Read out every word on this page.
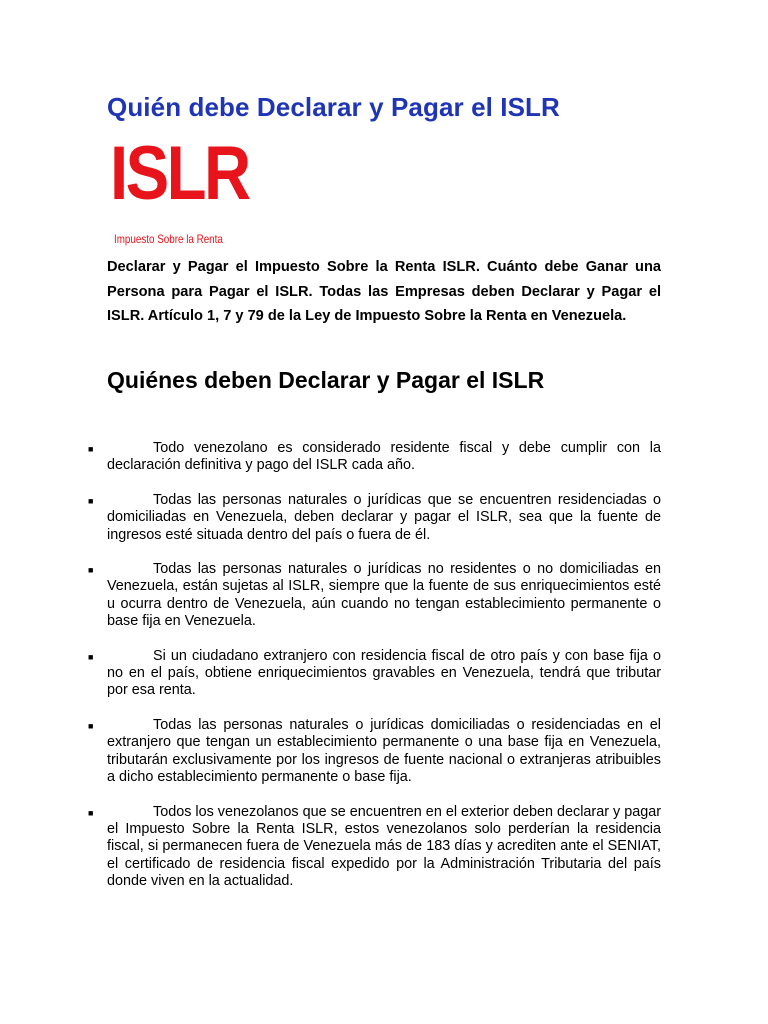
Quién debe Declarar y Pagar el ISLR
ISLR
Impuesto Sobre la Renta

Declarar y Pagar el Impuesto Sobre la Renta ISLR. Cuánto debe Ganar una Persona para Pagar el ISLR. Todas las Empresas deben Declarar y Pagar el ISLR. Artículo 1, 7 y 79 de la Ley de Impuesto Sobre la Renta en Venezuela.

Quiénes deben Declarar y Pagar el ISLR
■	Todo venezolano es considerado residente fiscal y debe cumplir con la declaración definitiva y pago del ISLR cada año.

■	Todas las personas naturales o jurídicas que se encuentren residenciadas o domiciliadas en Venezuela, deben declarar y pagar el ISLR, sea que la fuente de ingresos esté situada dentro del país o fuera de él.

■	Todas las personas naturales o jurídicas no residentes o no domiciliadas en Venezuela, están sujetas al ISLR, siempre que la fuente de sus enriquecimientos esté u ocurra dentro de Venezuela, aún cuando no tengan establecimiento permanente o base fija en Venezuela.

■	Si un ciudadano extranjero con residencia fiscal de otro país y con base fija o no en el país, obtiene enriquecimientos gravables en Venezuela, tendrá que tributar por esa renta.

■	Todas las personas naturales o jurídicas domiciliadas o residenciadas en el extranjero que tengan un establecimiento permanente o una base fija en Venezuela, tributarán exclusivamente por los ingresos de fuente nacional o extranjeras atribuibles a dicho establecimiento permanente o base fija.

■	Todos los venezolanos que se encuentren en el exterior deben declarar y pagar el Impuesto Sobre la Renta ISLR, estos venezolanos solo perderían la residencia fiscal, si permanecen fuera de Venezuela más de 183 días y acrediten ante el SENIAT, el certificado de residencia fiscal expedido por la Administración Tributaria del país donde viven en la actualidad.
